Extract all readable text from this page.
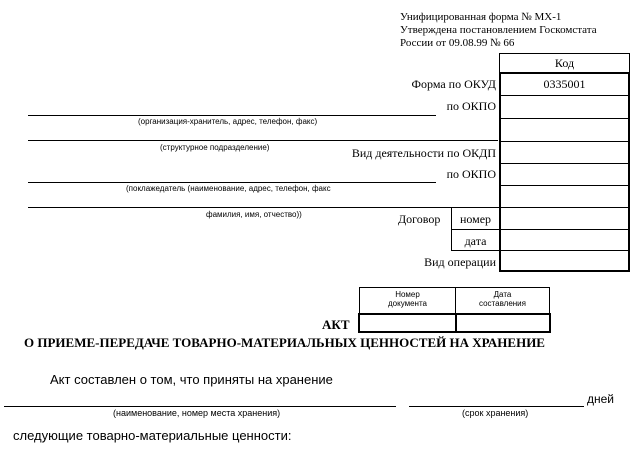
Унифицированная форма № МХ-1
Утверждена постановлением Госкомстата
России от 09.08.99 № 66
Код
0335001
Форма по ОКУД
по ОКПО
Вид деятельности по ОКДП
по ОКПО
Договор	номер
дата
Вид операции
(организация-хранитель, адрес, телефон, факс)
(структурное подразделение)
(поклажедатель (наименование, адрес, телефон, факс
фамилия, имя, отчество))
Номер
документа
Дата
составления
АКТ
О ПРИЕМЕ-ПЕРЕДАЧЕ ТОВАРНО-МАТЕРИАЛЬНЫХ ЦЕННОСТЕЙ НА ХРАНЕНИЕ
Акт составлен о том, что приняты на хранение
дней
(наименование, номер места хранения)	(срок хранения)
следующие товарно-материальные ценности:
